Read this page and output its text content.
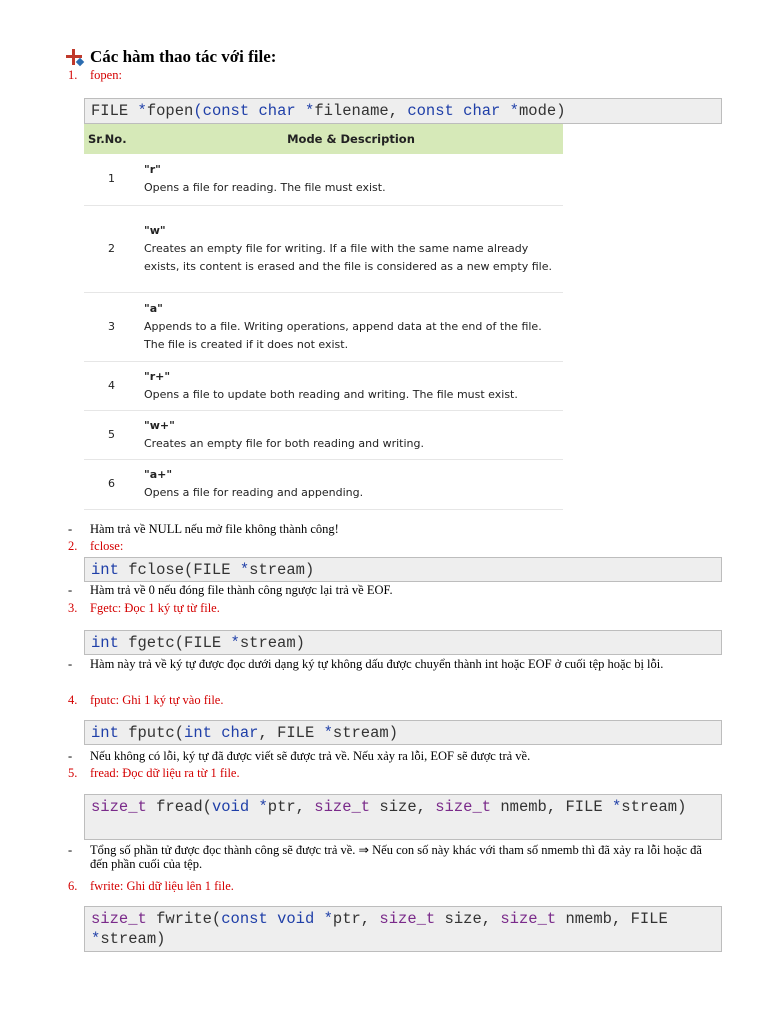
Các hàm thao tác với file:
1. fopen:
FILE *fopen(const char *filename, const char *mode)
Sr.No.	Mode & Description
1	"r"
Opens a file for reading. The file must exist.
2	"w"
Creates an empty file for writing. If a file with the same name already exists, its content is erased and the file is considered as a new empty file.
3	"a"
Appends to a file. Writing operations, append data at the end of the file. The file is created if it does not exist.
4	"r+"
Opens a file to update both reading and writing. The file must exist.
5	"w+"
Creates an empty file for both reading and writing.
6	"a+"
Opens a file for reading and appending.
- Hàm trả về NULL nếu mở file không thành công!
2. fclose:
int fclose(FILE *stream)
- Hàm trả về 0 nếu đóng file thành công ngược lại trả về EOF.
3. Fgetc: Đọc 1 ký tự từ file.
int fgetc(FILE *stream)
- Hàm này trả về ký tự được đọc dưới dạng ký tự không dấu được chuyển thành int hoặc EOF ở cuối tệp hoặc bị lỗi.
4. fputc: Ghi 1 ký tự vào file.
int fputc(int char, FILE *stream)
- Nếu không có lỗi, ký tự đã được viết sẽ được trả về. Nếu xảy ra lỗi, EOF sẽ được trả về.
5. fread: Đọc dữ liệu ra từ 1 file.
size_t fread(void *ptr, size_t size, size_t nmemb, FILE *stream)
- Tổng số phần tử được đọc thành công sẽ được trả về. ⇒ Nếu con số này khác với tham số nmemb thì đã xảy ra lỗi hoặc đã đến phần cuối của tệp.
6. fwrite: Ghi dữ liệu lên 1 file.
size_t fwrite(const void *ptr, size_t size, size_t nmemb, FILE *stream)
